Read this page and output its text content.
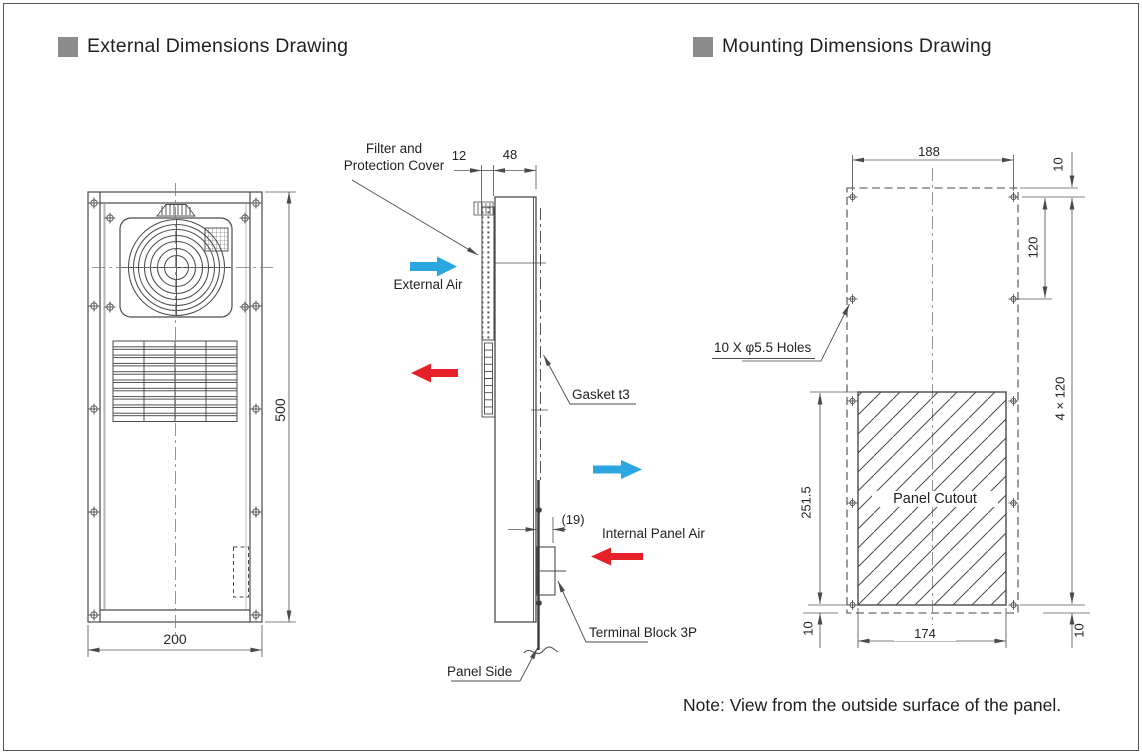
External Dimensions Drawing	Mounting Dimensions Drawing
200
500
Filter and
Protection Cover
12	48
External Air
Gasket t3
(19)
Internal Panel Air
Terminal Block 3P
Panel Side
188
10
120
4 × 120
251.5
10	10
174
10 X φ5.5 Holes
Panel Cutout
Note: View from the outside surface of the panel.
